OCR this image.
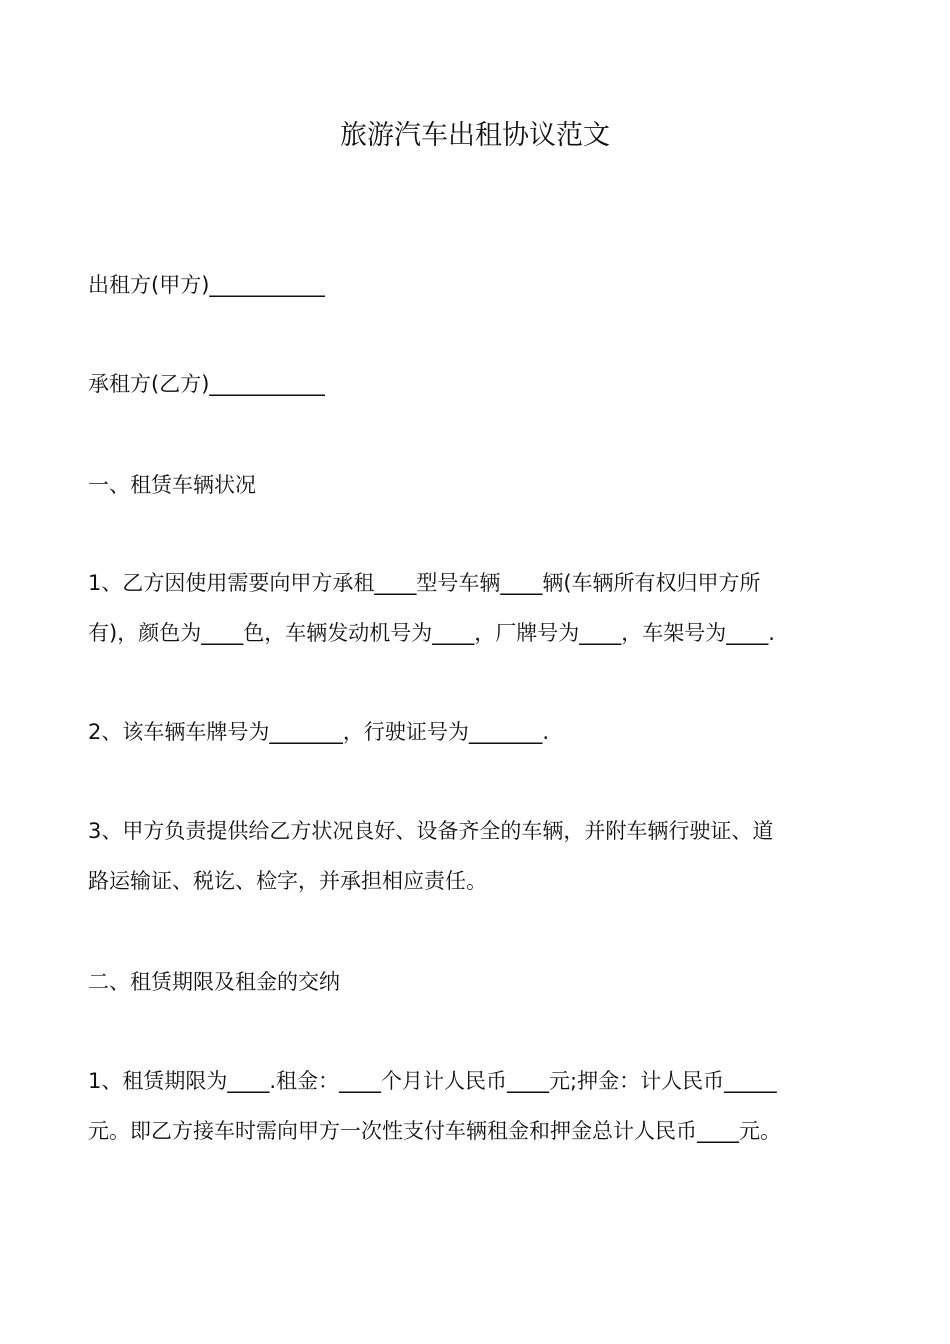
旅游汽车出租协议范文
出租方(甲方)___________
承租方(乙方)___________
一、租赁车辆状况
1、乙方因使用需要向甲方承租____型号车辆____辆(车辆所有权归甲方所
有)，颜色为____色，车辆发动机号为____，厂牌号为____，车架号为____.
2、该车辆车牌号为_______，行驶证号为_______.
3、甲方负责提供给乙方状况良好、设备齐全的车辆，并附车辆行驶证、道
路运输证、税讫、检字，并承担相应责任。
二、租赁期限及租金的交纳
1、租赁期限为____.租金：____个月计人民币____元;押金：计人民币_____
元。即乙方接车时需向甲方一次性支付车辆租金和押金总计人民币____元。
